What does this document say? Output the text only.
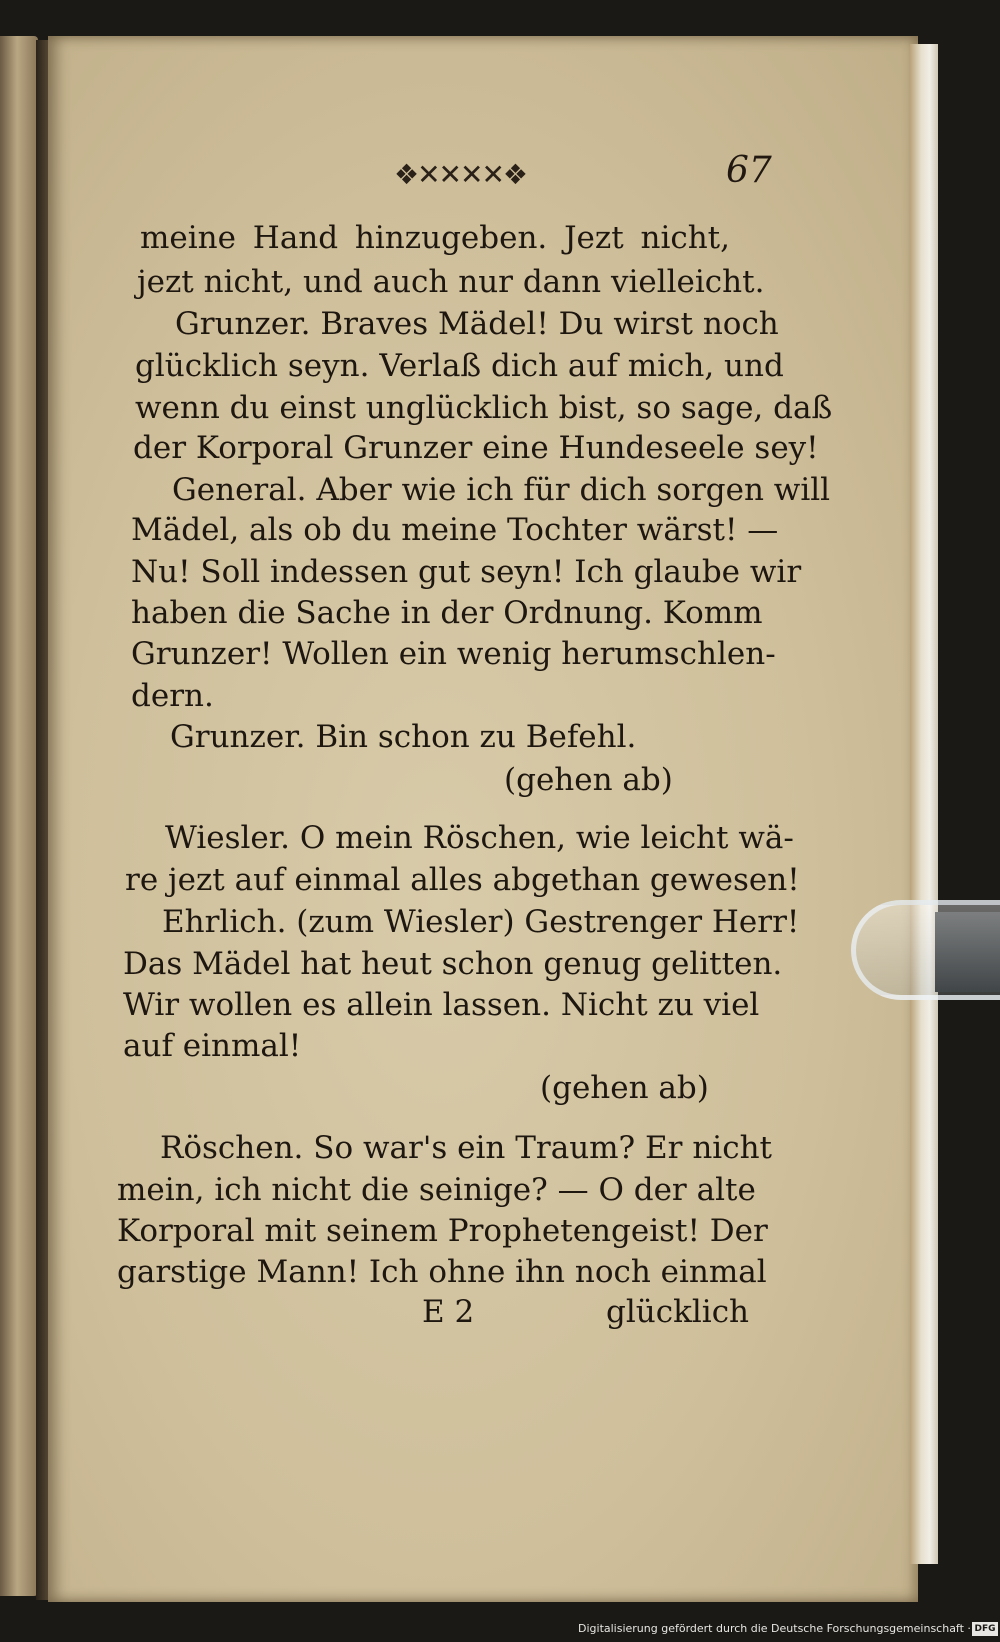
❖✕✕✕✕❖	67
meine Hand hinzugeben. Jezt nicht,
jezt nicht, und auch nur dann vielleicht.
Grunzer. Braves Mädel! Du wirst noch
glücklich seyn. Verlaß dich auf mich, und
wenn du einst unglücklich bist, so sage, daß
der Korporal Grunzer eine Hundeseele sey!
General. Aber wie ich für dich sorgen will
Mädel, als ob du meine Tochter wärst! —
Nu! Soll indessen gut seyn! Ich glaube wir
haben die Sache in der Ordnung. Komm
Grunzer! Wollen ein wenig herumschlen-
dern.
Grunzer. Bin schon zu Befehl.
(gehen ab)
Wiesler. O mein Röschen, wie leicht wä-
re jezt auf einmal alles abgethan gewesen!
Ehrlich. (zum Wiesler) Gestrenger Herr!
Das Mädel hat heut schon genug gelitten.
Wir wollen es allein lassen. Nicht zu viel
auf einmal!
(gehen ab)
Röschen. So war's ein Traum? Er nicht
mein, ich nicht die seinige? — O der alte
Korporal mit seinem Prophetengeist! Der
garstige Mann! Ich ohne ihn noch einmal
E 2	glücklich
Digitalisierung gefördert durch die Deutsche Forschungsgemeinschaft · DFG
